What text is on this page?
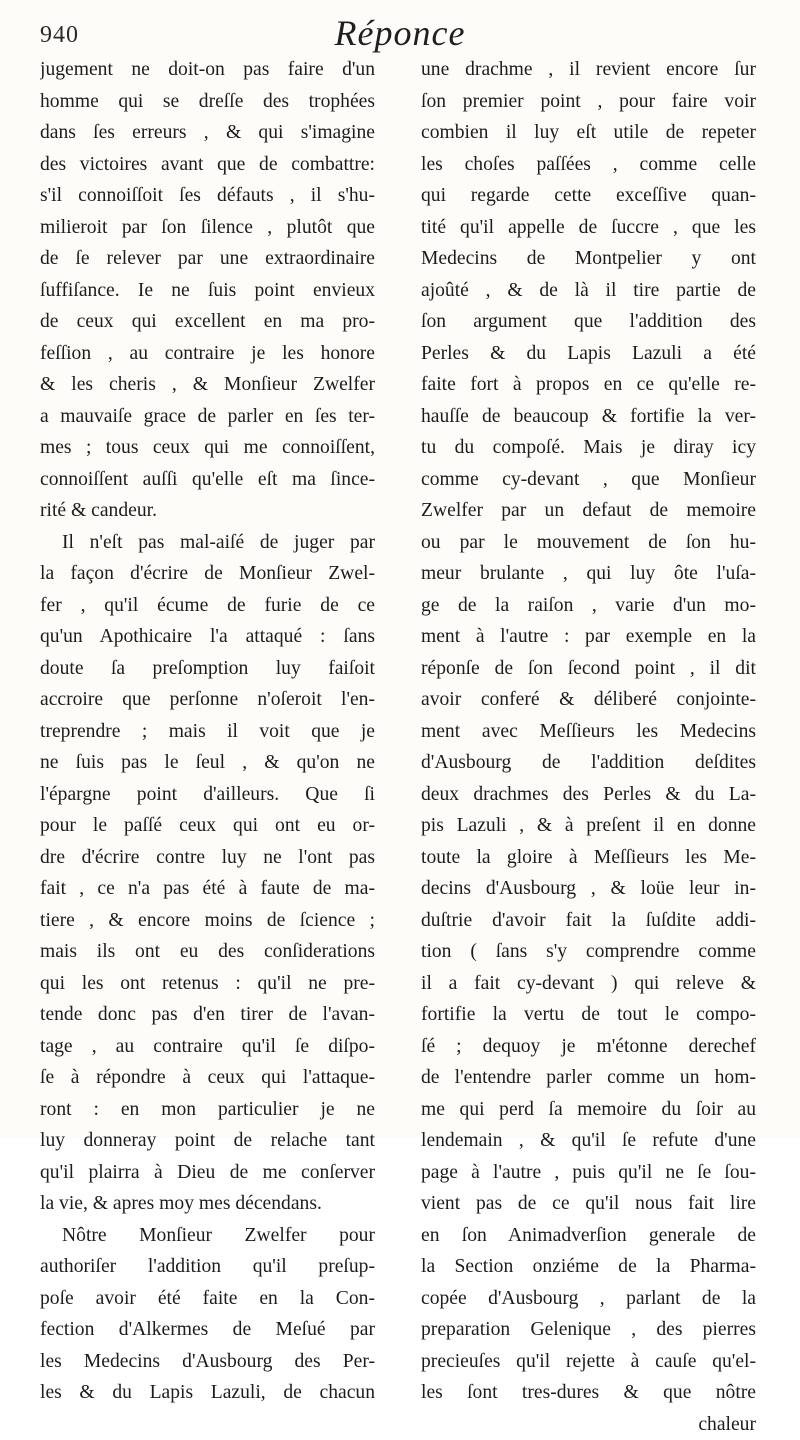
940	Réponce
jugement ne doit-on pas faire d'un
homme qui se dreſſe des trophées
dans ſes erreurs , & qui s'imagine
des victoires avant que de combattre:
s'il connoiſſoit ſes défauts , il s'hu-
milieroit par ſon ſilence , plutôt que
de ſe relever par une extraordinaire
ſuffiſance. Ie ne ſuis point envieux
de ceux qui excellent en ma pro-
feſſion , au contraire je les honore
& les cheris , & Monſieur Zwelfer
a mauvaiſe grace de parler en ſes ter-
mes ; tous ceux qui me connoiſſent,
connoiſſent auſſi qu'elle eſt ma ſince-
rité & candeur.
Il n'eſt pas mal-aiſé de juger par
la façon d'écrire de Monſieur Zwel-
fer , qu'il écume de furie de ce
qu'un Apothicaire l'a attaqué : ſans
doute ſa preſomption luy faiſoit
accroire que perſonne n'oſeroit l'en-
treprendre ; mais il voit que je
ne ſuis pas le ſeul , & qu'on ne
l'épargne point d'ailleurs. Que ſi
pour le paſſé ceux qui ont eu or-
dre d'écrire contre luy ne l'ont pas
fait , ce n'a pas été à faute de ma-
tiere , & encore moins de ſcience ;
mais ils ont eu des conſiderations
qui les ont retenus : qu'il ne pre-
tende donc pas d'en tirer de l'avan-
tage , au contraire qu'il ſe diſpo-
ſe à répondre à ceux qui l'attaque-
ront : en mon particulier je ne
luy donneray point de relache tant
qu'il plairra à Dieu de me conſerver
la vie, & apres moy mes décendans.
Nôtre Monſieur Zwelfer pour
authoriſer l'addition qu'il preſup-
poſe avoir été faite en la Con-
fection d'Alkermes de Meſué par
les Medecins d'Ausbourg des Per-
les & du Lapis Lazuli, de chacun
une drachme , il revient encore ſur
ſon premier point , pour faire voir
combien il luy eſt utile de repeter
les choſes paſſées , comme celle
qui regarde cette exceſſive quan-
tité qu'il appelle de ſuccre , que les
Medecins de Montpelier y ont
ajoûté , & de là il tire partie de
ſon argument que l'addition des
Perles & du Lapis Lazuli a été
faite fort à propos en ce qu'elle re-
hauſſe de beaucoup & fortifie la ver-
tu du compoſé. Mais je diray icy
comme cy-devant , que Monſieur
Zwelfer par un defaut de memoire
ou par le mouvement de ſon hu-
meur brulante , qui luy ôte l'uſa-
ge de la raiſon , varie d'un mo-
ment à l'autre : par exemple en la
réponſe de ſon ſecond point , il dit
avoir conferé & déliberé conjointe-
ment avec Meſſieurs les Medecins
d'Ausbourg de l'addition deſdites
deux drachmes des Perles & du La-
pis Lazuli , & à preſent il en donne
toute la gloire à Meſſieurs les Me-
decins d'Ausbourg , & loüe leur in-
duſtrie d'avoir fait la ſuſdite addi-
tion ( ſans s'y comprendre comme
il a fait cy-devant ) qui releve &
fortifie la vertu de tout le compo-
ſé ; dequoy je m'étonne derechef
de l'entendre parler comme un hom-
me qui perd ſa memoire du ſoir au
lendemain , & qu'il ſe refute d'une
page à l'autre , puis qu'il ne ſe ſou-
vient pas de ce qu'il nous fait lire
en ſon Animadverſion generale de
la Section onziéme de la Pharma-
copée d'Ausbourg , parlant de la
preparation Gelenique , des pierres
precieuſes qu'il rejette à cauſe qu'el-
les ſont tres-dures & que nôtre
chaleur
